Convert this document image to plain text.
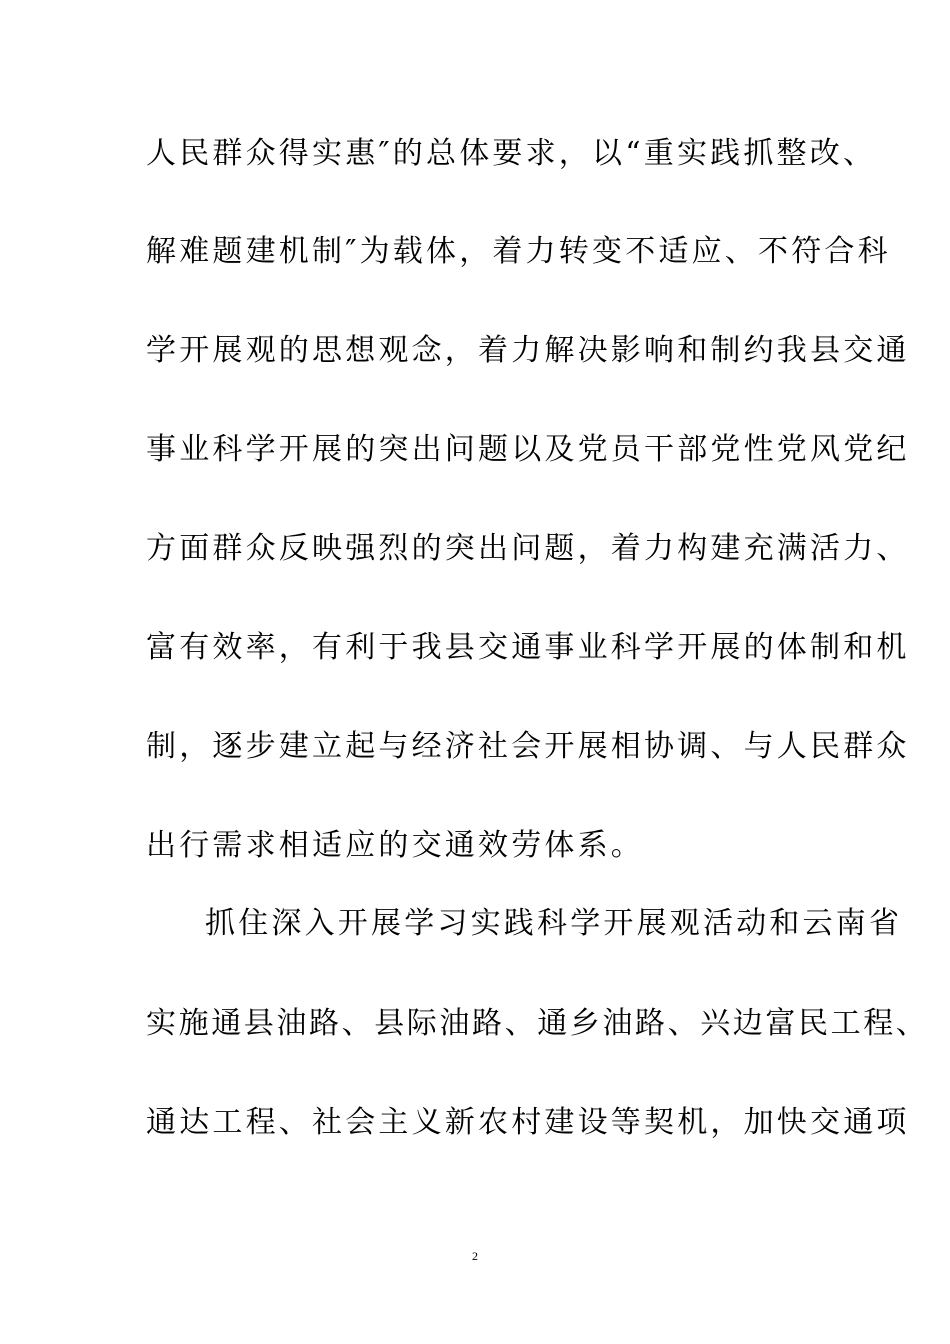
人民群众得实惠″的总体要求，以“重实践抓整改、
解难题建机制″为载体，着力转变不适应、不符合科
学开展观的思想观念，着力解决影响和制约我县交通
事业科学开展的突出问题以及党员干部党性党风党纪
方面群众反映强烈的突出问题，着力构建充满活力、
富有效率，有利于我县交通事业科学开展的体制和机
制，逐步建立起与经济社会开展相协调、与人民群众
出行需求相适应的交通效劳体系。
抓住深入开展学习实践科学开展观活动和云南省
实施通县油路、县际油路、通乡油路、兴边富民工程、
通达工程、社会主义新农村建设等契机，加快交通项
2
